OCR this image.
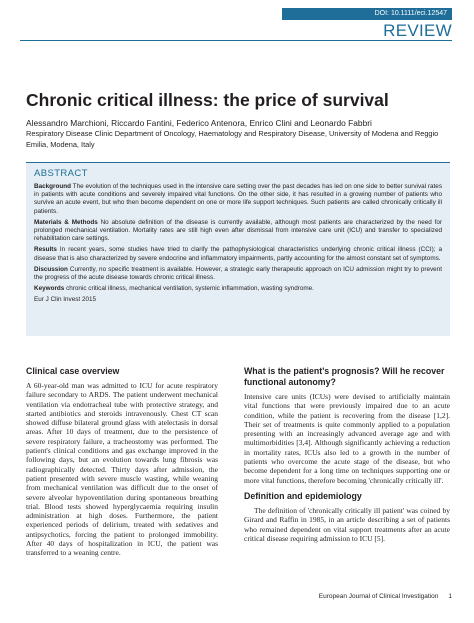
DOI: 10.1111/eci.12547
REVIEW
Chronic critical illness: the price of survival
Alessandro Marchioni, Riccardo Fantini, Federico Antenora, Enrico Clini and Leonardo Fabbri
Respiratory Disease Clinic Department of Oncology, Haematology and Respiratory Disease, University of Modena and Reggio Emilia, Modena, Italy
ABSTRACT

Background The evolution of the techniques used in the intensive care setting over the past decades has led on one side to better survival rates in patients with acute conditions and severely impaired vital functions. On the other side, it has resulted in a growing number of patients who survive an acute event, but who then become dependent on one or more life support techniques. Such patients are called chronically critically ill patients.

Materials & Methods No absolute definition of the disease is currently available, although most patients are characterized by the need for prolonged mechanical ventilation. Mortality rates are still high even after dismissal from intensive care unit (ICU) and transfer to specialized rehabilitation care settings.

Results In recent years, some studies have tried to clarify the pathophysiological characteristics underlying chronic critical illness (CCI); a disease that is also characterized by severe endocrine and inflammatory impairments, partly accounting for the almost constant set of symptoms.

Discussion Currently, no specific treatment is available. However, a strategic early therapeutic approach on ICU admission might try to prevent the progress of the acute disease towards chronic critical illness.

Keywords chronic critical illness, mechanical ventilation, systemic inflammation, wasting syndrome.

Eur J Clin Invest 2015

Clinical case overview

A 60-year-old man was admitted to ICU for acute respiratory failure secondary to ARDS. The patient underwent mechanical ventilation via endotracheal tube with protective strategy, and started antibiotics and steroids intravenously. Chest CT scan showed diffuse bilateral ground glass with atelectasis in dorsal areas. After 10 days of treatment, due to the persistence of severe respiratory failure, a tracheostomy was performed. The patient's clinical conditions and gas exchange improved in the following days, but an evolution towards lung fibrosis was radiographically detected. Thirty days after admission, the patient presented with severe muscle wasting, while weaning from mechanical ventilation was difficult due to the onset of severe alveolar hypoventilation during spontaneous breathing trial. Blood tests showed hyperglycaemia requiring insulin administration at high doses. Furthermore, the patient experienced periods of delirium, treated with sedatives and antipsychotics, forcing the patient to prolonged immobility. After 40 days of hospitalization in ICU, the patient was transferred to a weaning centre.

What is the patient's prognosis? Will he recover functional autonomy?

Intensive care units (ICUs) were devised to artificially maintain vital functions that were previously impaired due to an acute condition, while the patient is recovering from the disease [1,2]. Their set of treatments is quite commonly applied to a population presenting with an increasingly advanced average age and with multimorbidities [3,4]. Although significantly achieving a reduction in mortality rates, ICUs also led to a growth in the number of patients who overcome the acute stage of the disease, but who become dependent for a long time on techniques supporting one or more vital functions, therefore becoming 'chronically critically ill'.

Definition and epidemiology

The definition of 'chronically critically ill patient' was coined by Girard and Raffin in 1985, in an article describing a set of patients who remained dependent on vital support treatments after an acute critical disease requiring admission to ICU [5].

European Journal of Clinical Investigation 1
